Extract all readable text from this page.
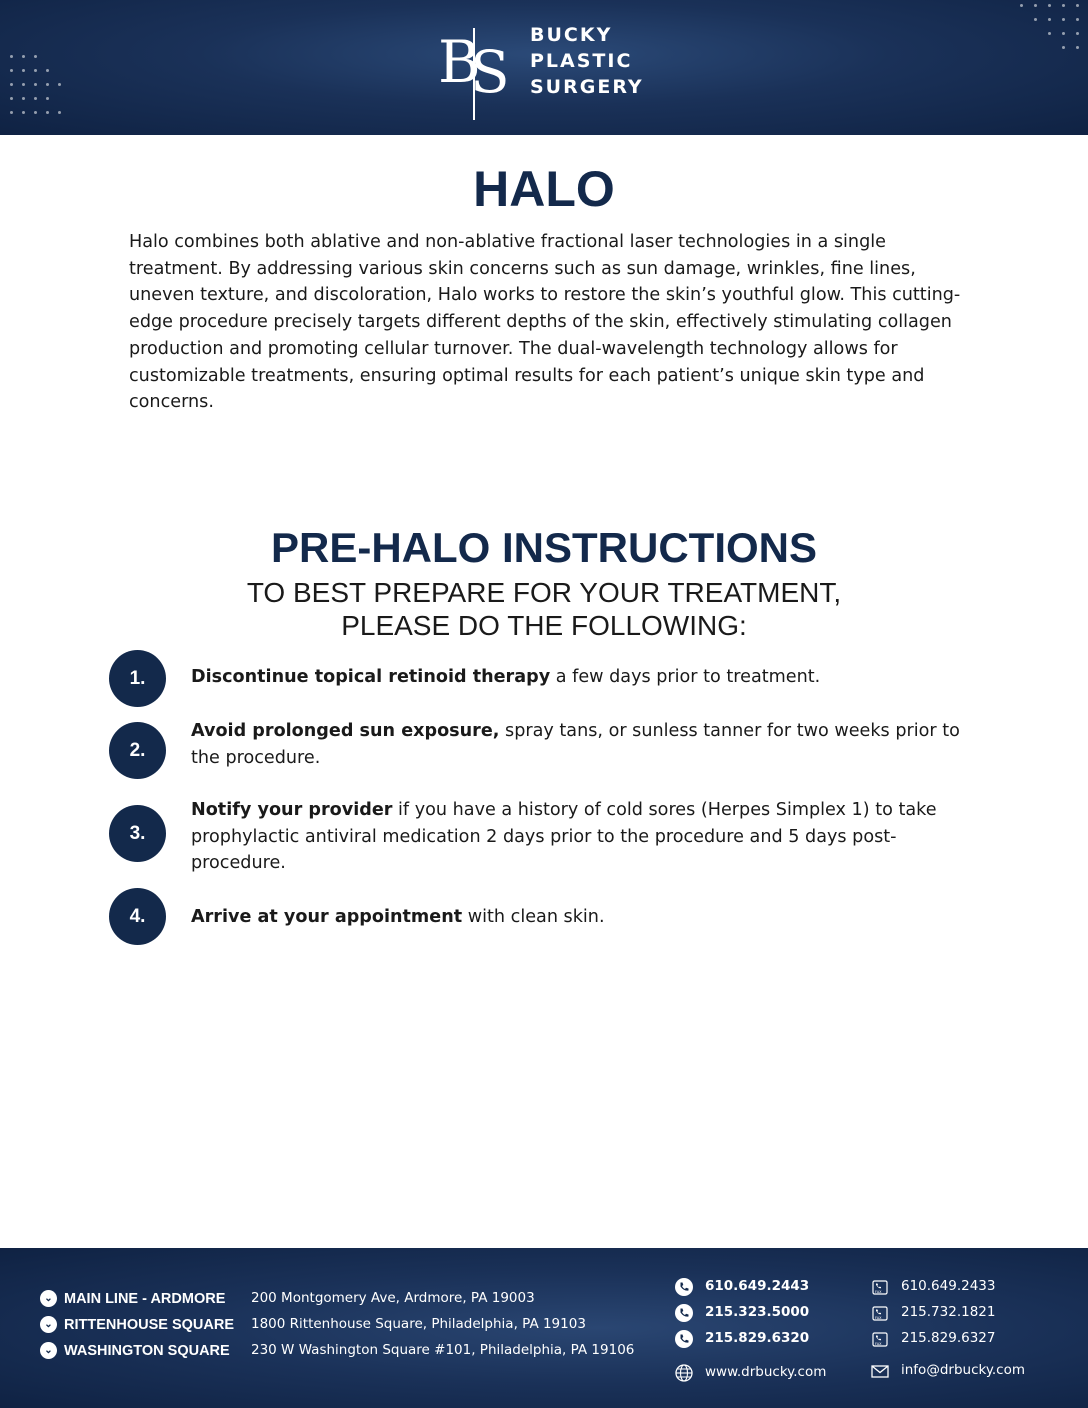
B
S
BUCKY
PLASTIC
SURGERY
HALO

Halo combines both ablative and non-ablative fractional laser technologies in a single treatment. By addressing various skin concerns such as sun damage, wrinkles, fine lines, uneven texture, and discoloration, Halo works to restore the skin’s youthful glow. This cutting-edge procedure precisely targets different depths of the skin, effectively stimulating collagen production and promoting cellular turnover. The dual-wavelength technology allows for customizable treatments, ensuring optimal results for each patient’s unique skin type and concerns.

PRE-HALO INSTRUCTIONS
TO BEST PREPARE FOR YOUR TREATMENT,
PLEASE DO THE FOLLOWING:
1.	Discontinue topical retinoid therapy a few days prior to treatment.
2.
Avoid prolonged sun exposure, spray tans, or sunless tanner for two weeks prior to the procedure.
3.
Notify your provider if you have a history of cold sores (Herpes Simplex 1) to take prophylactic antiviral medication 2 days prior to the procedure and 5 days post-procedure.
4.	Arrive at your appointment with clean skin.
⌄ MAIN LINE - ARDMORE 200 Montgomery Ave, Ardmore, PA 19003
⌄ RITTENHOUSE SQUARE 1800 Rittenhouse Square, Philadelphia, PA 19103
⌄ WASHINGTON SQUARE 230 W Washington Square #101, Philadelphia, PA 19106
610.649.2443
215.323.5000
215.829.6320
www.drbucky.com
FAX 610.649.2433
FAX 215.732.1821
FAX 215.829.6327
info@drbucky.com
